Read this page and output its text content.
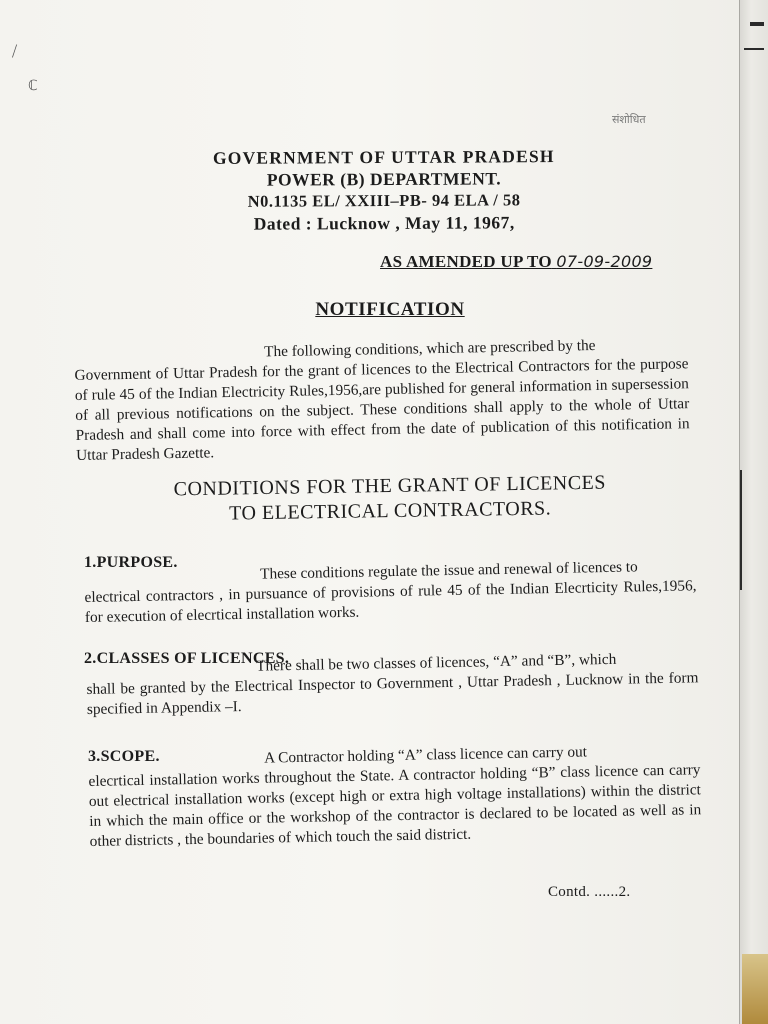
⟋
ℂ
संशोधित
GOVERNMENT OF UTTAR PRADESH
POWER (B) DEPARTMENT.
N0.1135 EL/ XXIII–PB- 94 ELA / 58
Dated : Lucknow , May 11, 1967,
AS AMENDED UP TO 07-09-2009
NOTIFICATION
The following conditions, which are prescribed by the
Government of Uttar Pradesh for the grant of licences to the Electrical Contractors for the purpose of rule 45 of the Indian Electricity Rules,1956,are published for general information in supersession of all previous notifications on the subject. These conditions shall apply to the whole of Uttar Pradesh and shall come into force with effect from the date of publication of this notification in Uttar Pradesh Gazette.
CONDITIONS FOR THE GRANT OF LICENCES
TO ELECTRICAL CONTRACTORS.
1.PURPOSE.	These conditions regulate the issue and renewal of licences to
electrical contractors , in pursuance of provisions of rule 45 of the Indian Elecrticity Rules,1956, for execution of elecrtical installation works.
2.CLASSES OF LICENCES.
There shall be two classes of licences, “A” and “B”, which
shall be granted by the Electrical Inspector to Government , Uttar Pradesh , Lucknow in the form specified in Appendix –I.
3.SCOPE.	A Contractor holding “A” class licence can carry out
elecrtical installation works throughout the State. A contractor holding “B” class licence can carry out electrical installation works (except high or extra high voltage installations) within the district in which the main office or the workshop of the contractor is declared to be located as well as in other districts , the boundaries of which touch the said district.
Contd. ......2.
